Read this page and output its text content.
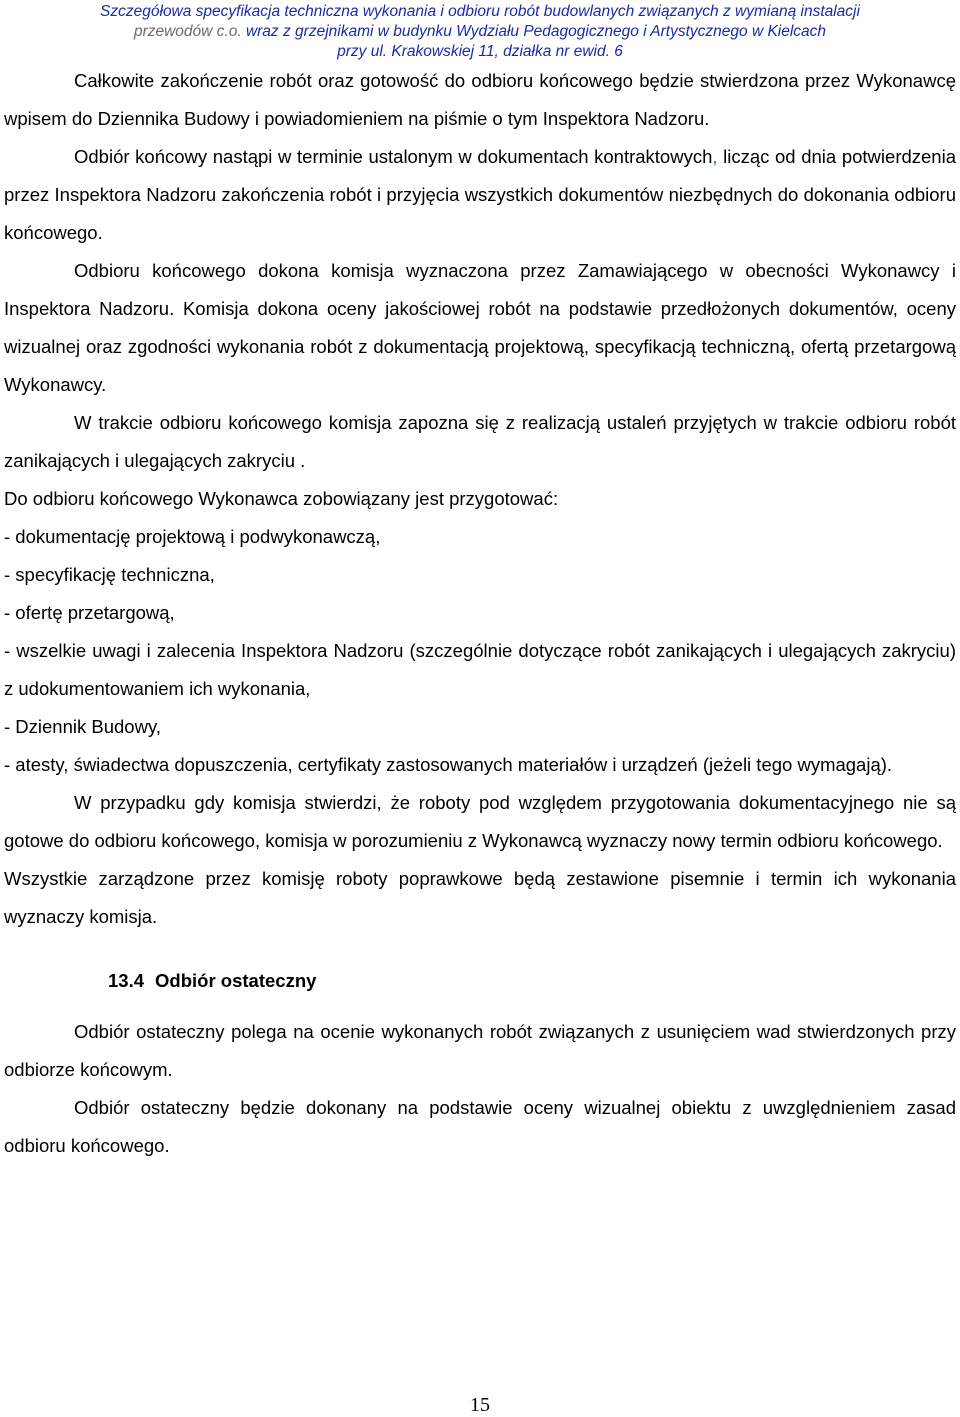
Szczegółowa specyfikacja techniczna wykonania i odbioru robót budowlanych związanych z wymianą instalacji
przewodów c.o. wraz z grzejnikami w budynku Wydziału Pedagogicznego i Artystycznego w Kielcach
przy ul. Krakowskiej 11, działka nr ewid. 6

Całkowite zakończenie robót oraz gotowość do odbioru końcowego będzie stwierdzona przez Wykonawcę wpisem do Dziennika Budowy i powiadomieniem na piśmie o tym Inspektora Nadzoru.

Odbiór końcowy nastąpi w terminie ustalonym w dokumentach kontraktowych, licząc od dnia potwierdzenia przez Inspektora Nadzoru zakończenia robót i przyjęcia wszystkich dokumentów niezbędnych do dokonania odbioru końcowego.

Odbioru końcowego dokona komisja wyznaczona przez Zamawiającego w obecności Wykonawcy i Inspektora Nadzoru. Komisja dokona oceny jakościowej robót na podstawie przedłożonych dokumentów, oceny wizualnej oraz zgodności wykonania robót z dokumentacją projektową, specyfikacją techniczną, ofertą przetargową Wykonawcy.

W trakcie odbioru końcowego komisja zapozna się z realizacją ustaleń przyjętych w trakcie odbioru robót zanikających i ulegających zakryciu .

Do odbioru końcowego Wykonawca zobowiązany jest przygotować:

- dokumentację projektową i podwykonawczą,

- specyfikację techniczna,

- ofertę przetargową,

- wszelkie uwagi i zalecenia Inspektora Nadzoru (szczególnie dotyczące robót zanikających i ulegających zakryciu) z udokumentowaniem ich wykonania,

- Dziennik Budowy,

- atesty, świadectwa dopuszczenia, certyfikaty zastosowanych materiałów i urządzeń (jeżeli tego wymagają).

W przypadku gdy komisja stwierdzi, że roboty pod względem przygotowania dokumentacyjnego nie są gotowe do odbioru końcowego, komisja w porozumieniu z Wykonawcą wyznaczy nowy termin odbioru końcowego.

Wszystkie zarządzone przez komisję roboty poprawkowe będą zestawione pisemnie i termin ich wykonania wyznaczy komisja.

13.4 Odbiór ostateczny

Odbiór ostateczny polega na ocenie wykonanych robót związanych z usunięciem wad stwierdzonych przy odbiorze końcowym.

Odbiór ostateczny będzie dokonany na podstawie oceny wizualnej obiektu z uwzględnieniem zasad odbioru końcowego.

15
